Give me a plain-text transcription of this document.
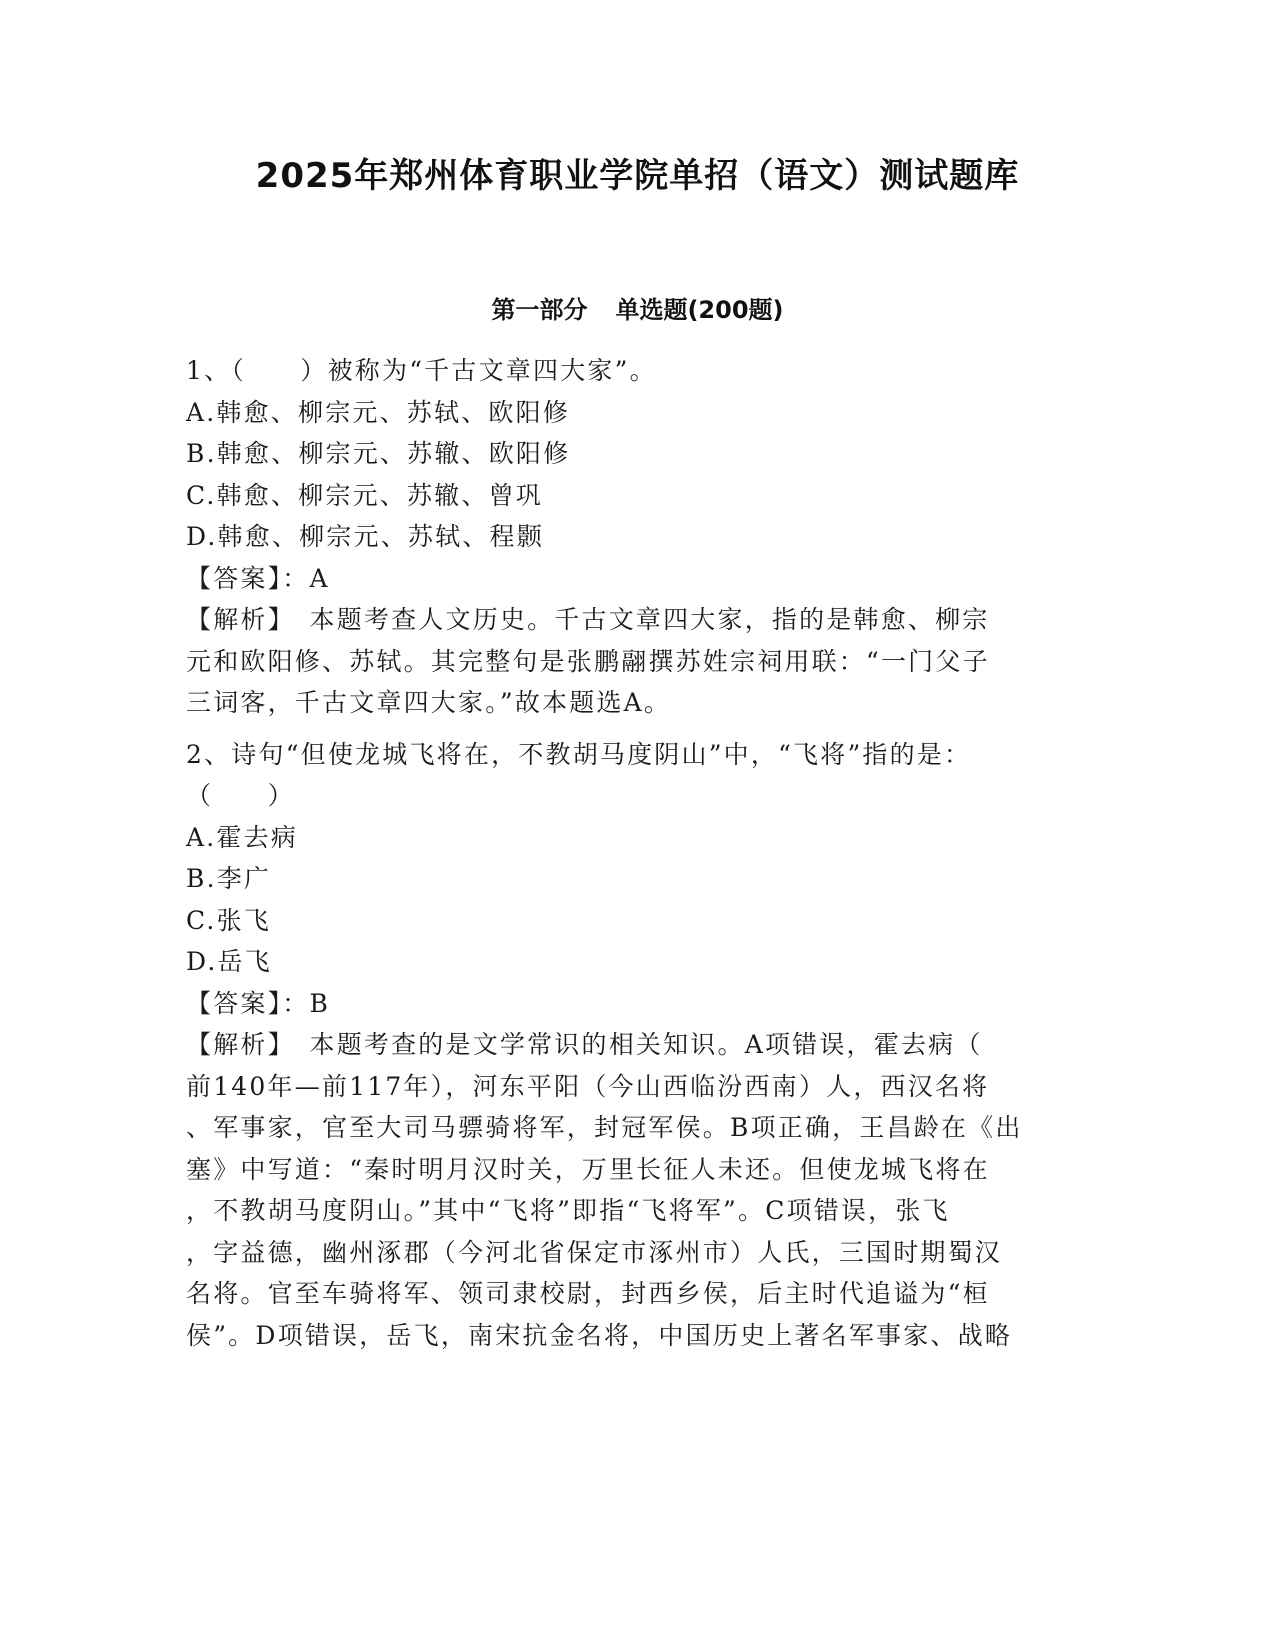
2025年郑州体育职业学院单招（语文）测试题库
第一部分 单选题(200题)
1、（　　）被称为“千古文章四大家”。
A.韩愈、柳宗元、苏轼、欧阳修
B.韩愈、柳宗元、苏辙、欧阳修
C.韩愈、柳宗元、苏辙、曾巩
D.韩愈、柳宗元、苏轼、程颢
【答案】：A
【解析】　本题考查人文历史。千古文章四大家，指的是韩愈、柳宗
元和欧阳修、苏轼。其完整句是张鹏翮撰苏姓宗祠用联：“一门父子
三词客，千古文章四大家。”故本题选A。
2、诗句“但使龙城飞将在，不教胡马度阴山”中，“飞将”指的是：
（　　）
A.霍去病
B.李广
C.张飞
D.岳飞
【答案】：B
【解析】　本题考查的是文学常识的相关知识。A项错误，霍去病（
前140年—前117年），河东平阳（今山西临汾西南）人，西汉名将
、军事家，官至大司马骠骑将军，封冠军侯。B项正确，王昌龄在《出
塞》中写道：“秦时明月汉时关，万里长征人未还。但使龙城飞将在
，不教胡马度阴山。”其中“飞将”即指“飞将军”。C项错误，张飞
，字益德，幽州涿郡（今河北省保定市涿州市）人氏，三国时期蜀汉
名将。官至车骑将军、领司隶校尉，封西乡侯，后主时代追谥为“桓
侯”。D项错误，岳飞，南宋抗金名将，中国历史上著名军事家、战略
